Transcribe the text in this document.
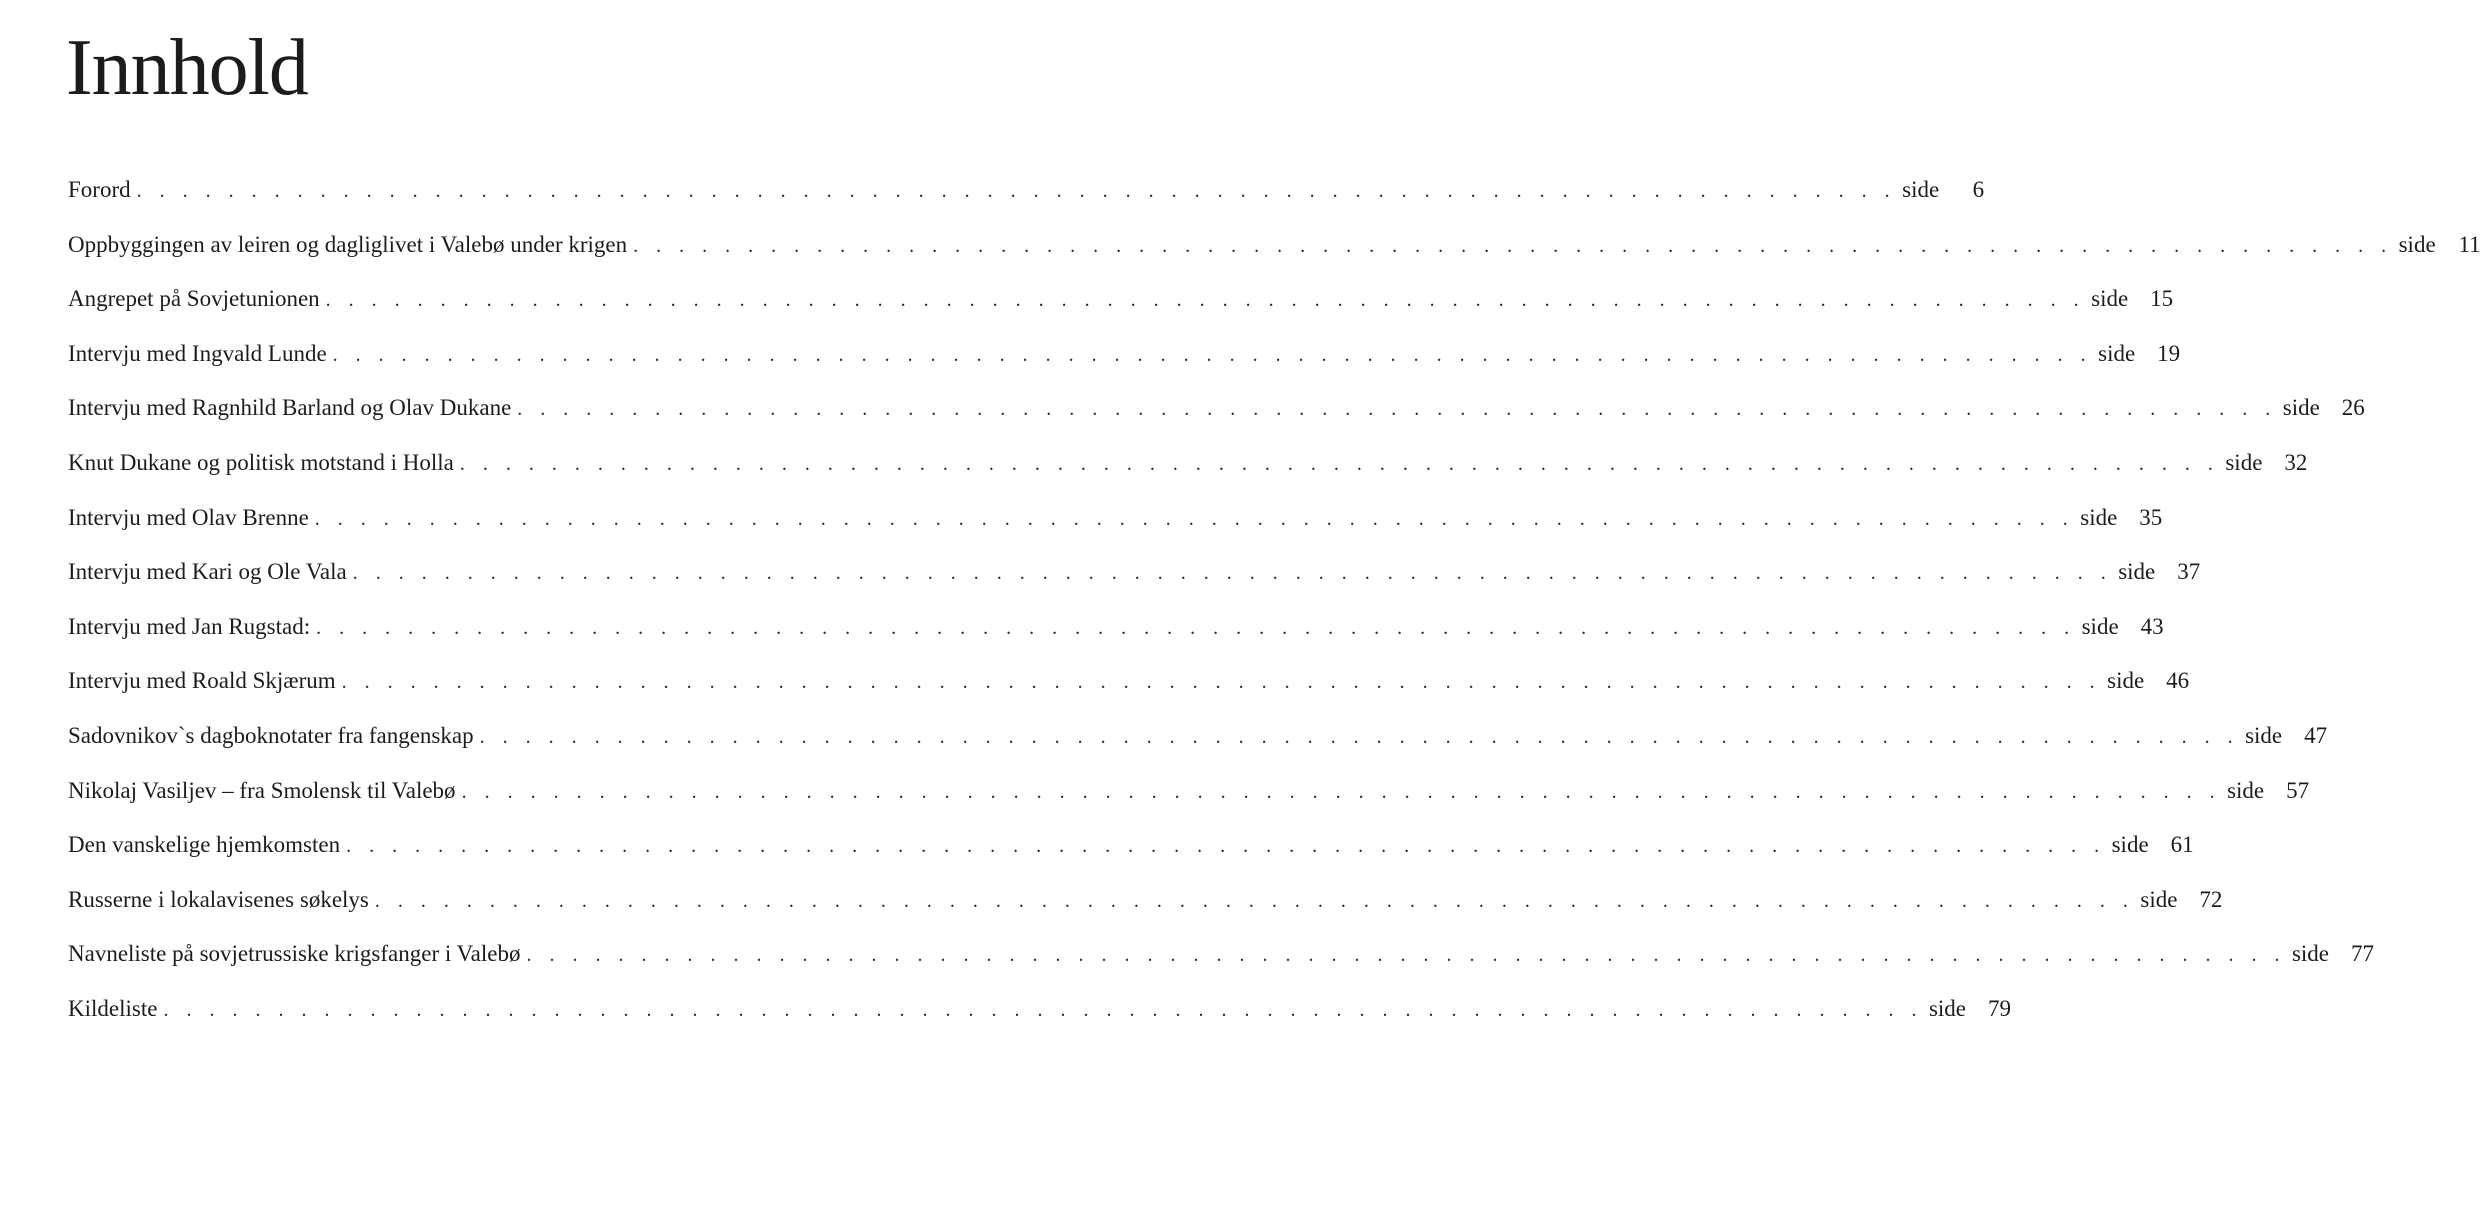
Innhold
Forord . . . . . . . . . . . . . . . . . . . . . . . . . . . . . . . . . . . . . . . . . . . . . . . . . . . . . . . . . . . . . . . . . . . . . . . . . . . . . side	6
Oppbyggingen av leiren og dagliglivet i Valebø under krigen . . . . . . . . . . . . . . . . . . . . . . . . . . . . . . . . . . . . . . . . . . . . . . . . . . . . . . . . . . . . . . . . . . . . . . . . . . . . . side 11
Angrepet på Sovjetunionen . . . . . . . . . . . . . . . . . . . . . . . . . . . . . . . . . . . . . . . . . . . . . . . . . . . . . . . . . . . . . . . . . . . . . . . . . . . . . side 15
Intervju med Ingvald Lunde . . . . . . . . . . . . . . . . . . . . . . . . . . . . . . . . . . . . . . . . . . . . . . . . . . . . . . . . . . . . . . . . . . . . . . . . . . . . . side 19
Intervju med Ragnhild Barland og Olav Dukane . . . . . . . . . . . . . . . . . . . . . . . . . . . . . . . . . . . . . . . . . . . . . . . . . . . . . . . . . . . . . . . . . . . . . . . . . . . . . side 26
Knut Dukane og politisk motstand i Holla . . . . . . . . . . . . . . . . . . . . . . . . . . . . . . . . . . . . . . . . . . . . . . . . . . . . . . . . . . . . . . . . . . . . . . . . . . . . . side 32
Intervju med Olav Brenne . . . . . . . . . . . . . . . . . . . . . . . . . . . . . . . . . . . . . . . . . . . . . . . . . . . . . . . . . . . . . . . . . . . . . . . . . . . . . side 35
Intervju med Kari og Ole Vala . . . . . . . . . . . . . . . . . . . . . . . . . . . . . . . . . . . . . . . . . . . . . . . . . . . . . . . . . . . . . . . . . . . . . . . . . . . . . side 37
Intervju med Jan Rugstad: . . . . . . . . . . . . . . . . . . . . . . . . . . . . . . . . . . . . . . . . . . . . . . . . . . . . . . . . . . . . . . . . . . . . . . . . . . . . . side 43
Intervju med Roald Skjærum . . . . . . . . . . . . . . . . . . . . . . . . . . . . . . . . . . . . . . . . . . . . . . . . . . . . . . . . . . . . . . . . . . . . . . . . . . . . . side 46
Sadovnikov`s dagboknotater fra fangenskap . . . . . . . . . . . . . . . . . . . . . . . . . . . . . . . . . . . . . . . . . . . . . . . . . . . . . . . . . . . . . . . . . . . . . . . . . . . . . side 47
Nikolaj Vasiljev – fra Smolensk til Valebø . . . . . . . . . . . . . . . . . . . . . . . . . . . . . . . . . . . . . . . . . . . . . . . . . . . . . . . . . . . . . . . . . . . . . . . . . . . . . side 57
Den vanskelige hjemkomsten . . . . . . . . . . . . . . . . . . . . . . . . . . . . . . . . . . . . . . . . . . . . . . . . . . . . . . . . . . . . . . . . . . . . . . . . . . . . . side 61
Russerne i lokalavisenes søkelys . . . . . . . . . . . . . . . . . . . . . . . . . . . . . . . . . . . . . . . . . . . . . . . . . . . . . . . . . . . . . . . . . . . . . . . . . . . . . side 72
Navneliste på sovjetrussiske krigsfanger i Valebø . . . . . . . . . . . . . . . . . . . . . . . . . . . . . . . . . . . . . . . . . . . . . . . . . . . . . . . . . . . . . . . . . . . . . . . . . . . . . side 77
Kildeliste . . . . . . . . . . . . . . . . . . . . . . . . . . . . . . . . . . . . . . . . . . . . . . . . . . . . . . . . . . . . . . . . . . . . . . . . . . . . . side 79
